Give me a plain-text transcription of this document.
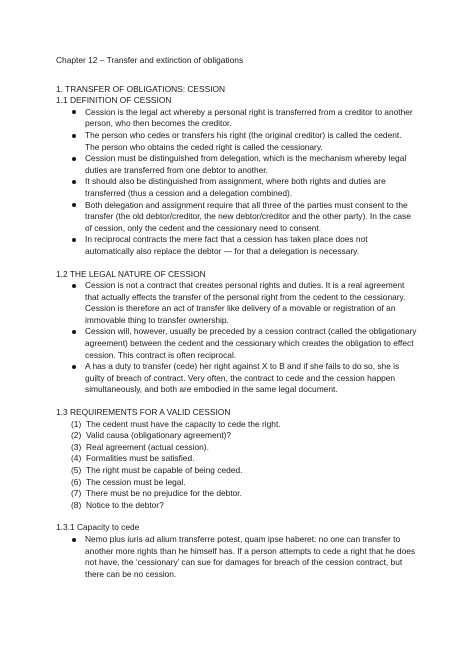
Chapter 12 – Transfer and extinction of obligations
1. TRANSFER OF OBLIGATIONS: CESSION
1.1 DEFINITION OF CESSION
Cession is the legal act whereby a personal right is transferred from a creditor to another person, who then becomes the creditor.
The person who cedes or transfers his right (the original creditor) is called the cedent. The person who obtains the ceded right is called the cessionary.
Cession must be distinguished from delegation, which is the mechanism whereby legal duties are transferred from one debtor to another.
It should also be distinguished from assignment, where both rights and duties are transferred (thus a cession and a delegation combined).
Both delegation and assignment require that all three of the parties must consent to the transfer (the old debtor/creditor, the new debtor/creditor and the other party). In the case of cession, only the cedent and the cessionary need to consent.
In reciprocal contracts the mere fact that a cession has taken place does not automatically also replace the debtor — for that a delegation is necessary.
1.2 THE LEGAL NATURE OF CESSION
Cession is not a contract that creates personal rights and duties. It is a real agreement that actually effects the transfer of the personal right from the cedent to the cessionary. Cession is therefore an act of transfer like delivery of a movable or registration of an immovable thing to transfer ownership.
Cession will, however, usually be preceded by a cession contract (called the obligationary agreement) between the cedent and the cessionary which creates the obligation to effect cession. This contract is often reciprocal.
A has a duty to transfer (cede) her right against X to B and if she fails to do so, she is guilty of breach of contract. Very often, the contract to cede and the cession happen simultaneously, and both are embodied in the same legal document.
1.3 REQUIREMENTS FOR A VALID CESSION
(1) The cedent must have the capacity to cede the right.
(2) Valid causa (obligationary agreement)?
(3) Real agreement (actual cession).
(4) Formalities must be satisfied.
(5) The right must be capable of being ceded.
(6) The cession must be legal.
(7) There must be no prejudice for the debtor.
(8) Notice to the debtor?
1.3.1 Capacity to cede
Nemo plus iuris ad alium transferre potest, quam ipse haberet: no one can transfer to another more rights than he himself has. If a person attempts to cede a right that he does not have, the ‘cessionary’ can sue for damages for breach of the cession contract, but there can be no cession.
